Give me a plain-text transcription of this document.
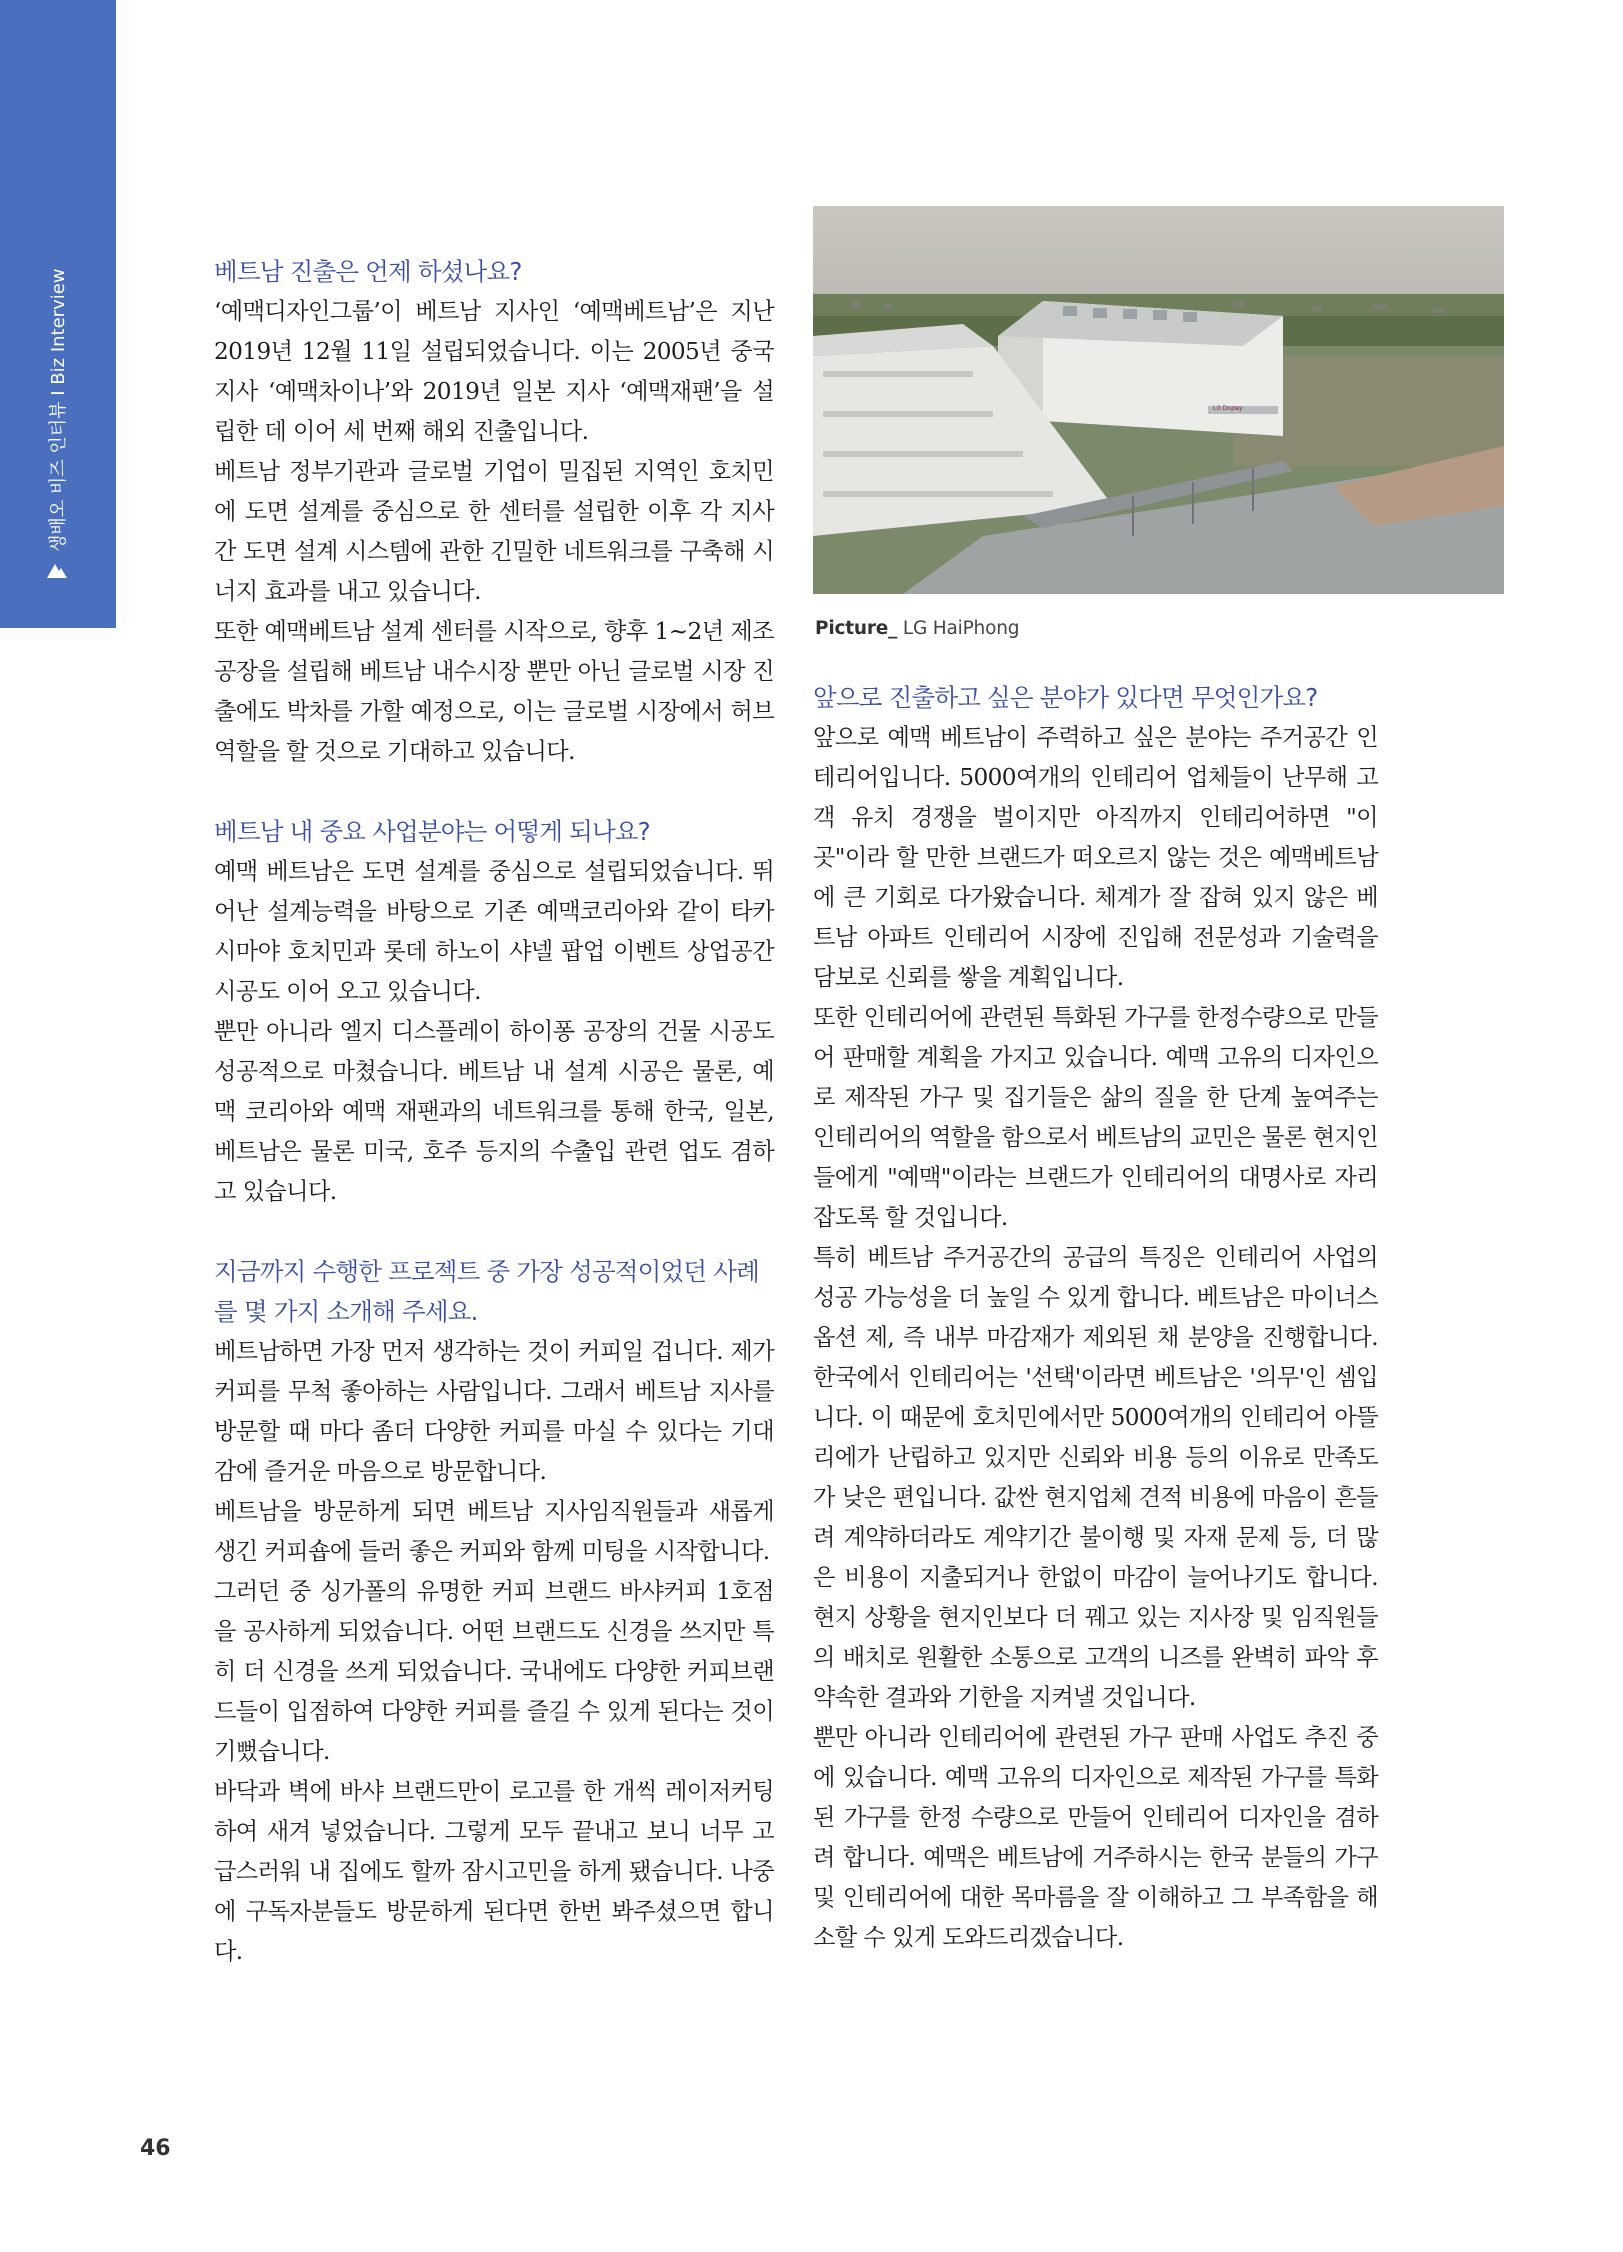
생배오 비즈 인터뷰 I Biz Interview	베트남 진출은 언제 하셨나요?

‘예맥디자인그룹’이 베트남 지사인 ‘예맥베트남’은 지난 2019년 12월 11일 설립되었습니다. 이는 2005년 중국 지사 ‘예맥차이나’와 2019년 일본 지사 ‘예맥재팬’을 설립한 데 이어 세 번째 해외 진출입니다.

베트남 정부기관과 글로벌 기업이 밀집된 지역인 호치민에 도면 설계를 중심으로 한 센터를 설립한 이후 각 지사간 도면 설계 시스템에 관한 긴밀한 네트워크를 구축해 시너지 효과를 내고 있습니다.

또한 예맥베트남 설계 센터를 시작으로, 향후 1~2년 제조공장을 설립해 베트남 내수시장 뿐만 아닌 글로벌 시장 진출에도 박차를 가할 예정으로, 이는 글로벌 시장에서 허브 역할을 할 것으로 기대하고 있습니다.

베트남 내 중요 사업분야는 어떻게 되나요?

예맥 베트남은 도면 설계를 중심으로 설립되었습니다. 뛰어난 설계능력을 바탕으로 기존 예맥코리아와 같이 타카시마야 호치민과 롯데 하노이 샤넬 팝업 이벤트 상업공간 시공도 이어 오고 있습니다.

뿐만 아니라 엘지 디스플레이 하이퐁 공장의 건물 시공도 성공적으로 마쳤습니다. 베트남 내 설계 시공은 물론, 예맥 코리아와 예맥 재팬과의 네트워크를 통해 한국, 일본, 베트남은 물론 미국, 호주 등지의 수출입 관련 업도 겸하고 있습니다.

지금까지 수행한 프로젝트 중 가장 성공적이었던 사례를 몇 가지 소개해 주세요.

베트남하면 가장 먼저 생각하는 것이 커피일 겁니다. 제가 커피를 무척 좋아하는 사람입니다. 그래서 베트남 지사를 방문할 때 마다 좀더 다양한 커피를 마실 수 있다는 기대감에 즐거운 마음으로 방문합니다.

베트남을 방문하게 되면 베트남 지사임직원들과 새롭게 생긴 커피숍에 들러 좋은 커피와 함께 미팅을 시작합니다.

그러던 중 싱가폴의 유명한 커피 브랜드 바샤커피 1호점을 공사하게 되었습니다. 어떤 브랜드도 신경을 쓰지만 특히 더 신경을 쓰게 되었습니다. 국내에도 다양한 커피브랜드들이 입점하여 다양한 커피를 즐길 수 있게 된다는 것이 기뻤습니다.

바닥과 벽에 바샤 브랜드만이 로고를 한 개씩 레이저커팅하여 새겨 넣었습니다. 그렇게 모두 끝내고 보니 너무 고급스러워 내 집에도 할까 잠시고민을 하게 됐습니다. 나중에 구독자분들도 방문하게 된다면 한번 봐주셨으면 합니다.

LG Display
Picture_ LG HaiPhong
앞으로 진출하고 싶은 분야가 있다면 무엇인가요?

앞으로 예맥 베트남이 주력하고 싶은 분야는 주거공간 인테리어입니다. 5000여개의 인테리어 업체들이 난무해 고객 유치 경쟁을 벌이지만 아직까지 인테리어하면 "이 곳"이라 할 만한 브랜드가 떠오르지 않는 것은 예맥베트남에 큰 기회로 다가왔습니다. 체계가 잘 잡혀 있지 않은 베트남 아파트 인테리어 시장에 진입해 전문성과 기술력을 담보로 신뢰를 쌓을 계획입니다.

또한 인테리어에 관련된 특화된 가구를 한정수량으로 만들어 판매할 계획을 가지고 있습니다. 예맥 고유의 디자인으로 제작된 가구 및 집기들은 삶의 질을 한 단계 높여주는 인테리어의 역할을 함으로서 베트남의 교민은 물론 현지인들에게 "예맥"이라는 브랜드가 인테리어의 대명사로 자리잡도록 할 것입니다.

특히 베트남 주거공간의 공급의 특징은 인테리어 사업의 성공 가능성을 더 높일 수 있게 합니다. 베트남은 마이너스 옵션 제, 즉 내부 마감재가 제외된 채 분양을 진행합니다. 한국에서 인테리어는 '선택'이라면 베트남은 '의무'인 셈입니다. 이 때문에 호치민에서만 5000여개의 인테리어 아뜰리에가 난립하고 있지만 신뢰와 비용 등의 이유로 만족도가 낮은 편입니다. 값싼 현지업체 견적 비용에 마음이 흔들려 계약하더라도 계약기간 불이행 및 자재 문제 등, 더 많은 비용이 지출되거나 한없이 마감이 늘어나기도 합니다. 현지 상황을 현지인보다 더 꿰고 있는 지사장 및 임직원들의 배치로 원활한 소통으로 고객의 니즈를 완벽히 파악 후 약속한 결과와 기한을 지켜낼 것입니다.

뿐만 아니라 인테리어에 관련된 가구 판매 사업도 추진 중에 있습니다. 예맥 고유의 디자인으로 제작된 가구를 특화된 가구를 한정 수량으로 만들어 인테리어 디자인을 겸하려 합니다. 예맥은 베트남에 거주하시는 한국 분들의 가구 및 인테리어에 대한 목마름을 잘 이해하고 그 부족함을 해소할 수 있게 도와드리겠습니다.

46
